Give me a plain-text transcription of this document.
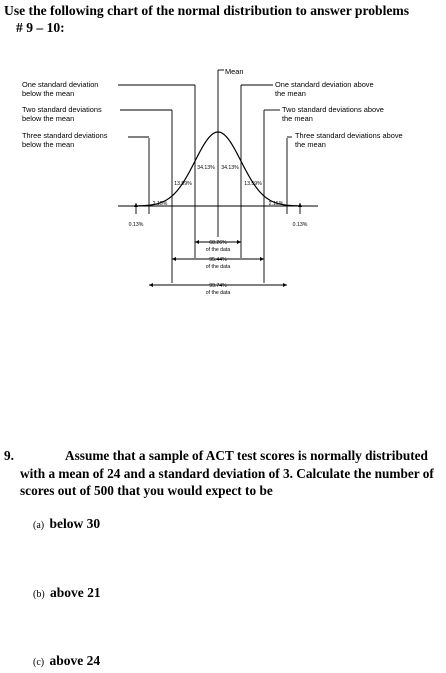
Use the following chart of the normal distribution to answer problems
# 9 – 10:
Mean
One standard deviation
below the mean
Two standard deviations
below the mean
Three standard deviations
below the mean
One standard deviation above
the mean
Two standard deviations above
the mean
Three standard deviations above
the mean
34.13% 34.13%
13.59%	13.59%
2.15%	2.15%
0.13%	0.13%
68.26%
of the data
95.44%
of the data
99.74%
of the data
9.	Assume that a sample of ACT test scores is normally distributed with a mean of 24 and a standard deviation of 3. Calculate the number of scores out of 500 that you would expect to be
(a) below 30
(b) above 21
(c) above 24
